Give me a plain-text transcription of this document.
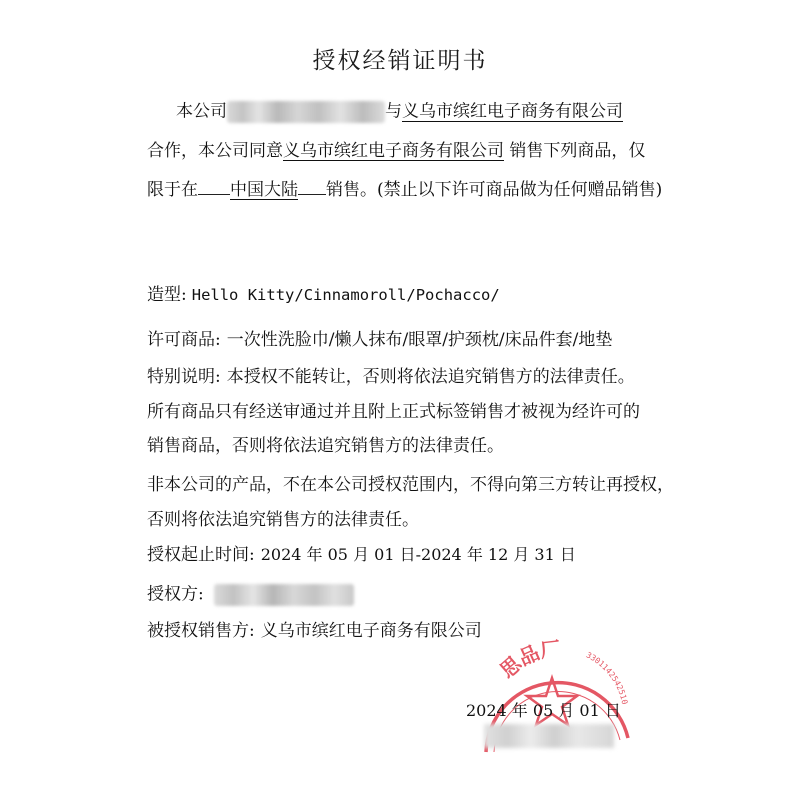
授权经销证明书
本公司	与义乌市缤红电子商务有限公司
合作，本公司同意义乌市缤红电子商务有限公司 销售下列商品，仅
限于在 中国大陆 销售。(禁止以下许可商品做为任何赠品销售)
造型: Hello Kitty/Cinnamoroll/Pochacco/
许可商品: 一次性洗脸巾/懒人抹布/眼罩/护颈枕/床品件套/地垫
特别说明: 本授权不能转让，否则将依法追究销售方的法律责任。
所有商品只有经送审通过并且附上正式标签销售才被视为经许可的
销售商品，否则将依法追究销售方的法律责任。
非本公司的产品，不在本公司授权范围内，不得向第三方转让再授权，
否则将依法追究销售方的法律责任。
授权起止时间: 2024 年 05 月 01 日-2024 年 12 月 31 日
授权方:
被授权销售方: 义乌市缤红电子商务有限公司
思品厂	3301142542510
2024 年 05 月 01 日
